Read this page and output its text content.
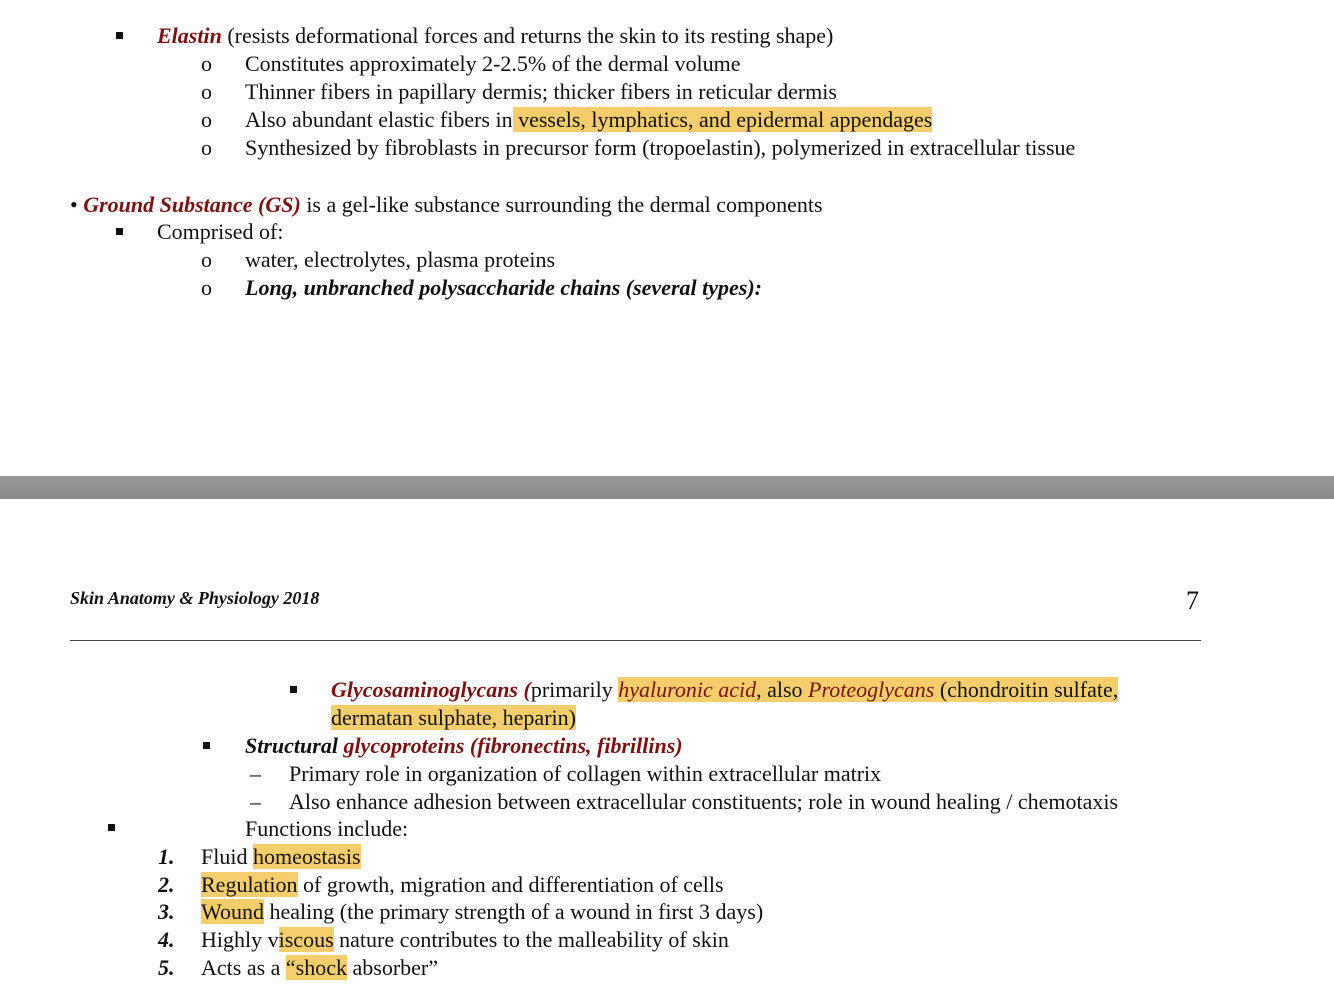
Elastin (resists deformational forces and returns the skin to its resting shape)
o Constitutes approximately 2-2.5% of the dermal volume
o Thinner fibers in papillary dermis; thicker fibers in reticular dermis
o Also abundant elastic fibers in vessels, lymphatics, and epidermal appendages
o Synthesized by fibroblasts in precursor form (tropoelastin), polymerized in extracellular tissue
• Ground Substance (GS) is a gel-like substance surrounding the dermal components
Comprised of:
o water, electrolytes, plasma proteins
o Long, unbranched polysaccharide chains (several types):
Skin Anatomy & Physiology 2018	7
Glycosaminoglycans (primarily hyaluronic acid, also Proteoglycans (chondroitin sulfate,
dermatan sulphate, heparin)
Structural glycoproteins (fibronectins, fibrillins)
– Primary role in organization of collagen within extracellular matrix
– Also enhance adhesion between extracellular constituents; role in wound healing / chemotaxis
Functions include:
1. Fluid homeostasis
2. Regulation of growth, migration and differentiation of cells
3. Wound healing (the primary strength of a wound in first 3 days)
4. Highly viscous nature contributes to the malleability of skin
5. Acts as a “shock absorber”
